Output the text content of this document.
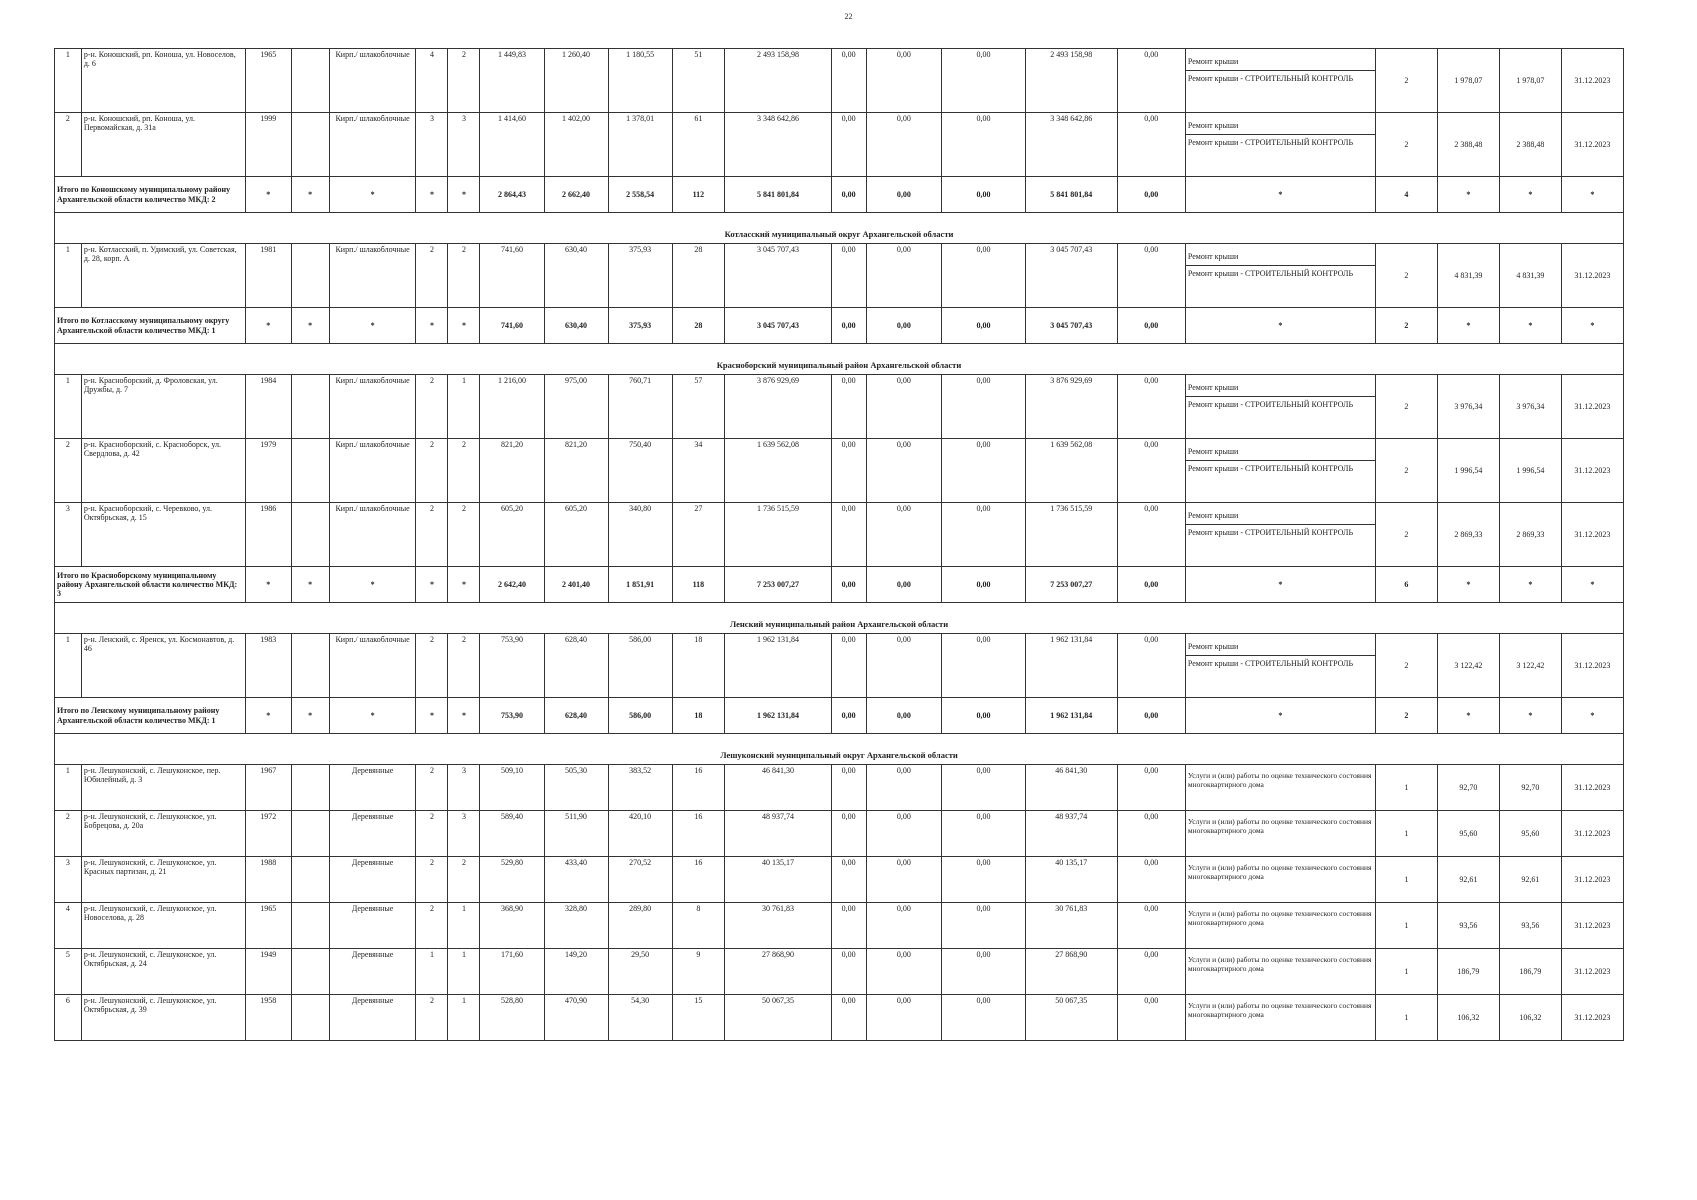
22
1	р-н. Коношский, рп. Коноша, ул. Новоселов, д. 6	1965		Кирп./ шлакоблочные	4	2	1 449,83	1 260,40	1 180,55	51	2 493 158,98	0,00	0,00	0,00	2 493 158,98	0,00	Ремонт крыши
Ремонт крыши - СТРОИТЕЛЬНЫЙ КОНТРОЛЬ	2	1 978,07	1 978,07	31.12.2023
2	р-н. Коношский, рп. Коноша, ул. Первомайская, д. 31а	1999		Кирп./ шлакоблочные	3	3	1 414,60	1 402,00	1 378,01	61	3 348 642,86	0,00	0,00	0,00	3 348 642,86	0,00	Ремонт крыши
Ремонт крыши - СТРОИТЕЛЬНЫЙ КОНТРОЛЬ	2	2 388,48	2 388,48	31.12.2023
Итого по Коношскому муниципальному району Архангельской области количество МКД: 2		*	*	*	*	*	2 864,43	2 662,40	2 558,54	112	5 841 801,84	0,00	0,00	0,00	5 841 801,84	0,00	*	4	*	*	*
Котласский муниципальный округ Архангельской области																					
1	р-н. Котласский, п. Удимский, ул. Советская, д. 28, корп. А	1981		Кирп./ шлакоблочные	2	2	741,60	630,40	375,93	28	3 045 707,43	0,00	0,00	0,00	3 045 707,43	0,00	Ремонт крыши
Ремонт крыши - СТРОИТЕЛЬНЫЙ КОНТРОЛЬ	2	4 831,39	4 831,39	31.12.2023
Итого по Котласскому муниципальному округу Архангельской области количество МКД: 1		*	*	*	*	*	741,60	630,40	375,93	28	3 045 707,43	0,00	0,00	0,00	3 045 707,43	0,00	*	2	*	*	*
Красноборский муниципальный район Архангельской области																					
1	р-н. Красноборский, д. Фроловская, ул. Дружбы, д. 7	1984		Кирп./ шлакоблочные	2	1	1 216,00	975,00	760,71	57	3 876 929,69	0,00	0,00	0,00	3 876 929,69	0,00	Ремонт крыши
Ремонт крыши - СТРОИТЕЛЬНЫЙ КОНТРОЛЬ	2	3 976,34	3 976,34	31.12.2023
2	р-н. Красноборский, с. Красноборск, ул. Свердлова, д. 42	1979		Кирп./ шлакоблочные	2	2	821,20	821,20	750,40	34	1 639 562,08	0,00	0,00	0,00	1 639 562,08	0,00	Ремонт крыши
Ремонт крыши - СТРОИТЕЛЬНЫЙ КОНТРОЛЬ	2	1 996,54	1 996,54	31.12.2023
3	р-н. Красноборский, с. Черевково, ул. Октябрьская, д. 15	1986		Кирп./ шлакоблочные	2	2	605,20	605,20	340,80	27	1 736 515,59	0,00	0,00	0,00	1 736 515,59	0,00	Ремонт крыши
Ремонт крыши - СТРОИТЕЛЬНЫЙ КОНТРОЛЬ	2	2 869,33	2 869,33	31.12.2023
Итого по Красноборскому муниципальному району Архангельской области количество МКД: 3		*	*	*	*	*	2 642,40	2 401,40	1 851,91	118	7 253 007,27	0,00	0,00	0,00	7 253 007,27	0,00	*	6	*	*	*
Ленский муниципальный район Архангельской области																					
1	р-н. Ленский, с. Яренск, ул. Космонавтов, д. 46	1983		Кирп./ шлакоблочные	2	2	753,90	628,40	586,00	18	1 962 131,84	0,00	0,00	0,00	1 962 131,84	0,00	Ремонт крыши
Ремонт крыши - СТРОИТЕЛЬНЫЙ КОНТРОЛЬ	2	3 122,42	3 122,42	31.12.2023
Итого по Ленскому муниципальному району Архангельской области количество МКД: 1		*	*	*	*	*	753,90	628,40	586,00	18	1 962 131,84	0,00	0,00	0,00	1 962 131,84	0,00	*	2	*	*	*
Лешуконский муниципальный округ Архангельской области																					
1	р-н. Лешуконский, с. Лешуконское, пер. Юбилейный, д. 3	1967		Деревянные	2	3	509,10	505,30	383,52	16	46 841,30	0,00	0,00	0,00	46 841,30	0,00	Услуги и (или) работы по оценке технического состояния многоквартирного дома	1	92,70	92,70	31.12.2023
2	р-н. Лешуконский, с. Лешуконское, ул. Бобрецова, д. 20а	1972		Деревянные	2	3	589,40	511,90	420,10	16	48 937,74	0,00	0,00	0,00	48 937,74	0,00	Услуги и (или) работы по оценке технического состояния многоквартирного дома	1	95,60	95,60	31.12.2023
3	р-н. Лешуконский, с. Лешуконское, ул. Красных партизан, д. 21	1988		Деревянные	2	2	529,80	433,40	270,52	16	40 135,17	0,00	0,00	0,00	40 135,17	0,00	Услуги и (или) работы по оценке технического состояния многоквартирного дома	1	92,61	92,61	31.12.2023
4	р-н. Лешуконский, с. Лешуконское, ул. Новоселова, д. 28	1965		Деревянные	2	1	368,90	328,80	289,80	8	30 761,83	0,00	0,00	0,00	30 761,83	0,00	Услуги и (или) работы по оценке технического состояния многоквартирного дома	1	93,56	93,56	31.12.2023
5	р-н. Лешуконский, с. Лешуконское, ул. Октябрьская, д. 24	1949		Деревянные	1	1	171,60	149,20	29,50	9	27 868,90	0,00	0,00	0,00	27 868,90	0,00	Услуги и (или) работы по оценке технического состояния многоквартирного дома	1	186,79	186,79	31.12.2023
6	р-н. Лешуконский, с. Лешуконское, ул. Октябрьская, д. 39	1958		Деревянные	2	1	528,80	470,90	54,30	15	50 067,35	0,00	0,00	0,00	50 067,35	0,00	Услуги и (или) работы по оценке технического состояния многоквартирного дома	1	106,32	106,32	31.12.2023
